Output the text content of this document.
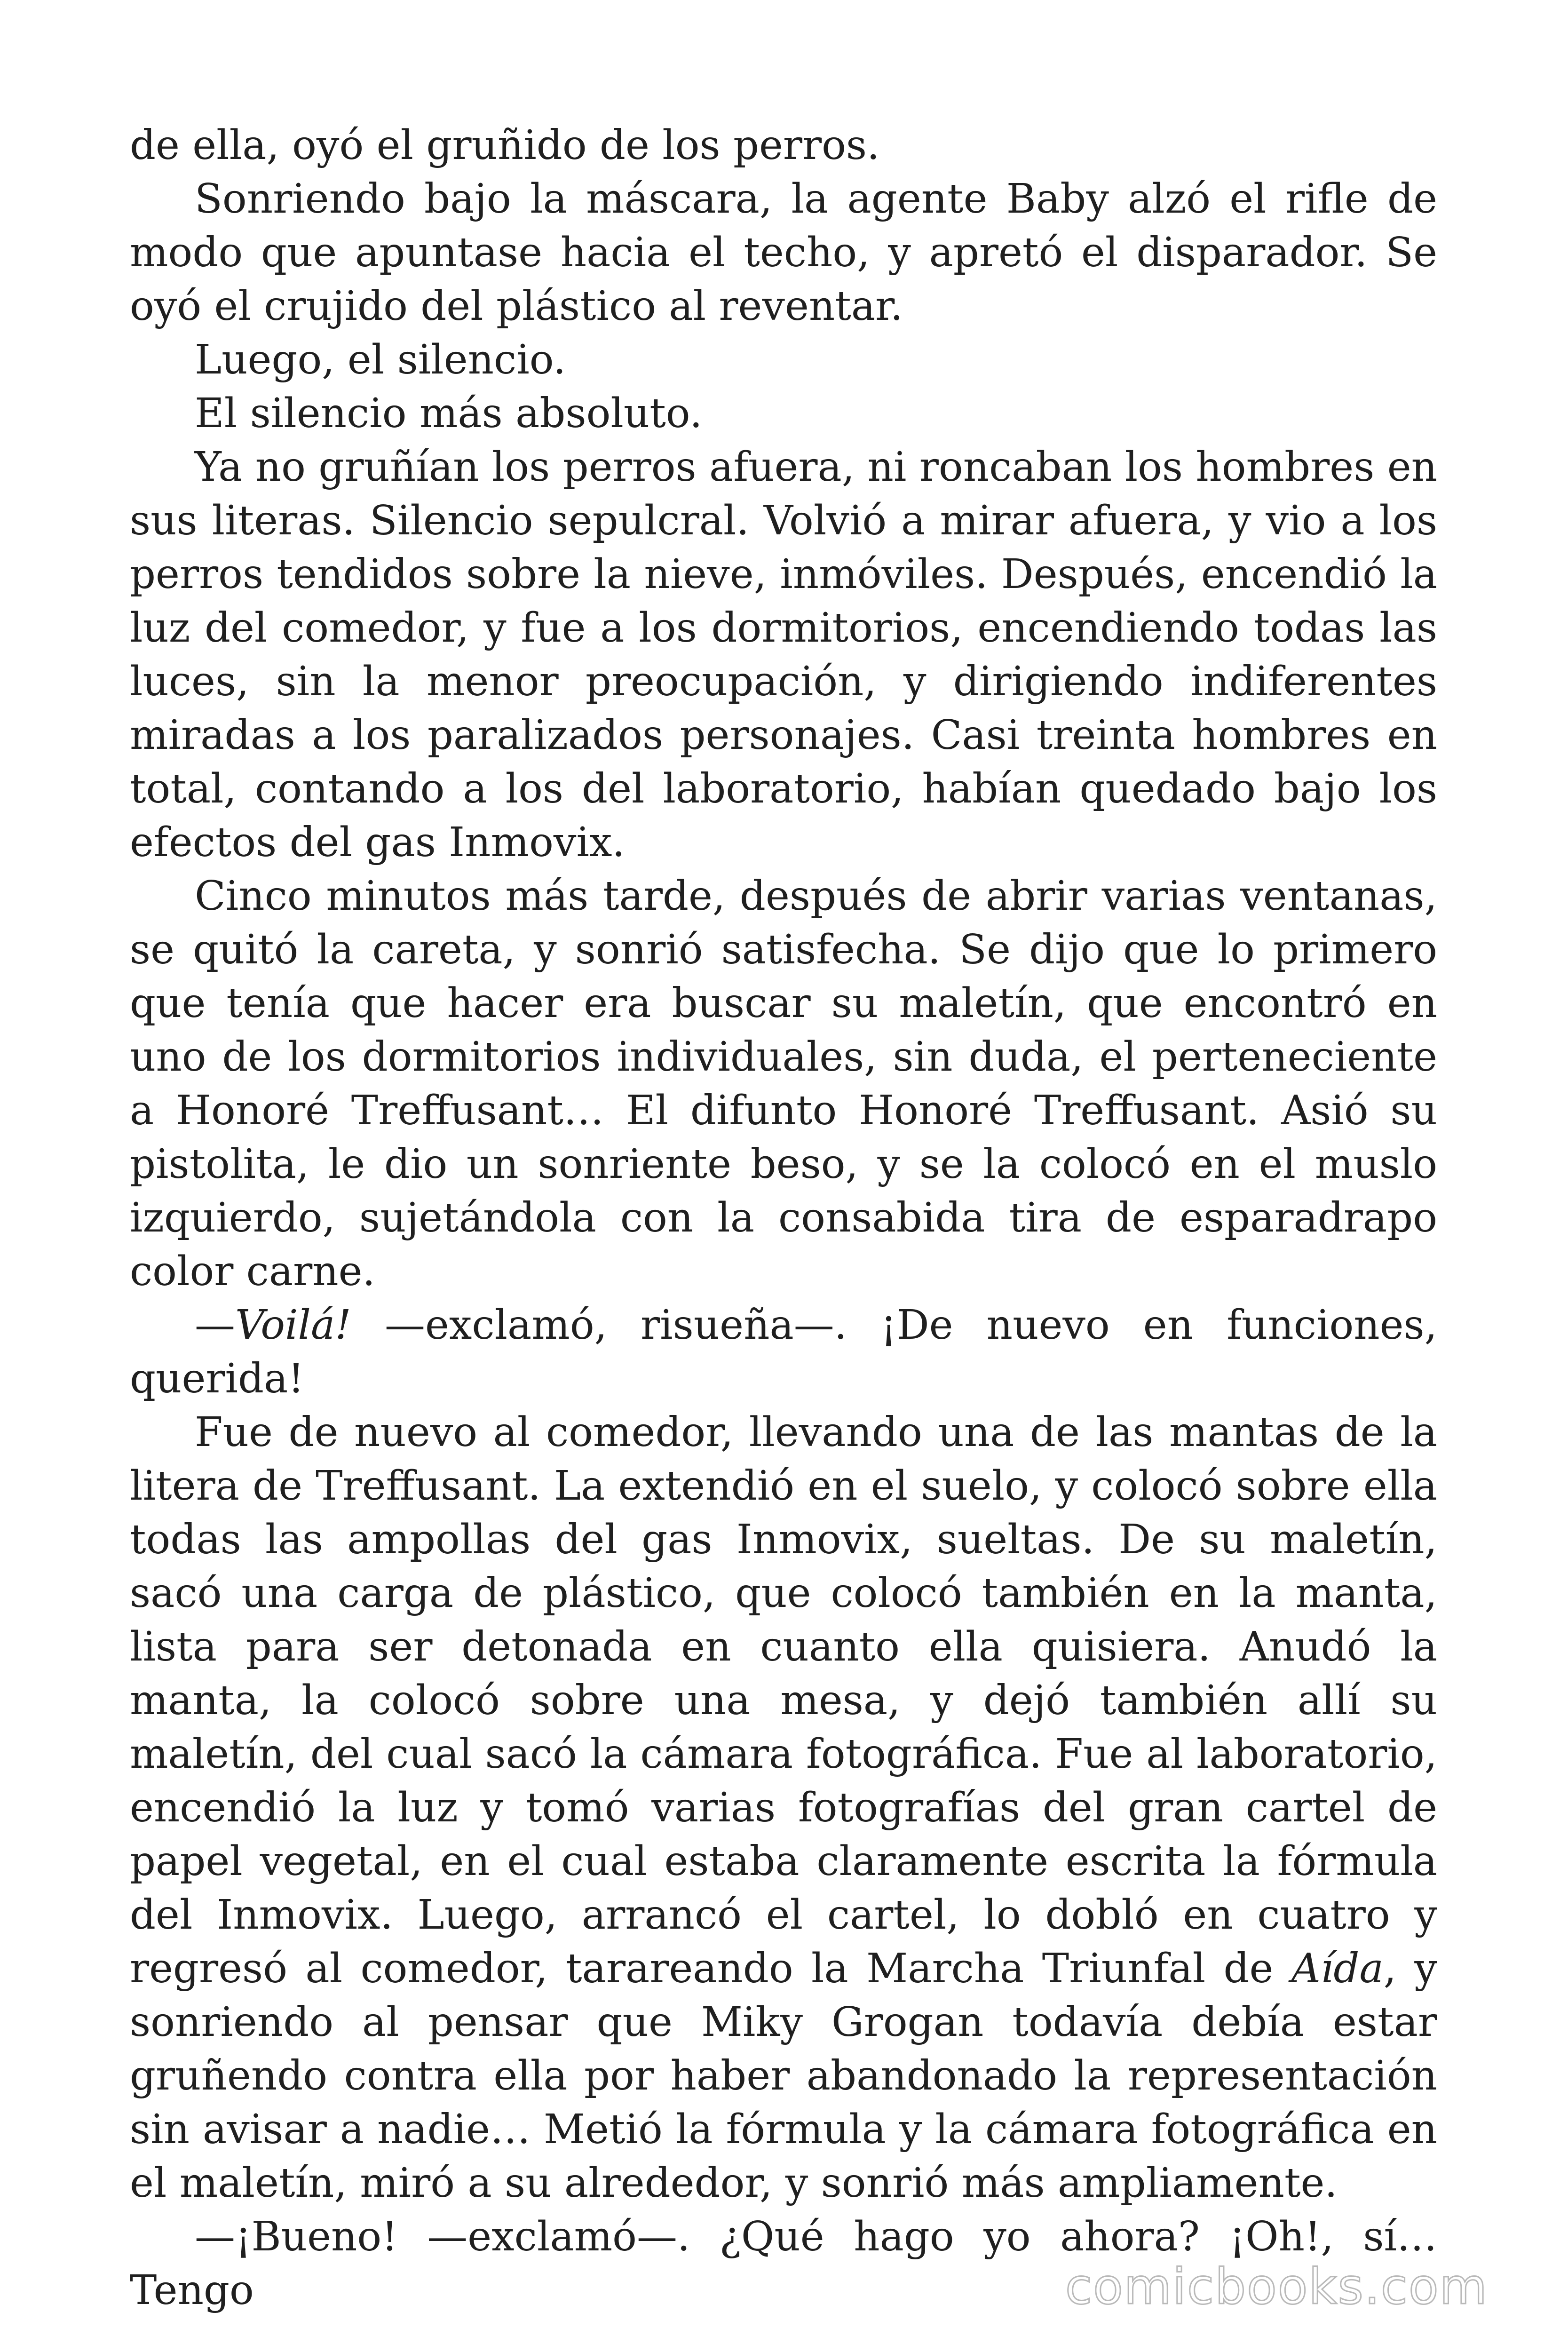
de ella, oyó el gruñido de los perros.

Sonriendo bajo la máscara, la agente Baby alzó el rifle de modo que apuntase hacia el techo, y apretó el disparador. Se oyó el crujido del plástico al reventar.

Luego, el silencio.

El silencio más absoluto.

Ya no gruñían los perros afuera, ni roncaban los hombres en sus literas. Silencio sepulcral. Volvió a mirar afuera, y vio a los perros tendidos sobre la nieve, inmóviles. Después, encendió la luz del comedor, y fue a los dormitorios, encendiendo todas las luces, sin la menor preocupación, y dirigiendo indiferentes miradas a los paralizados personajes. Casi treinta hombres en total, contando a los del laboratorio, habían quedado bajo los efectos del gas Inmovix.

Cinco minutos más tarde, después de abrir varias ventanas, se quitó la careta, y sonrió satisfecha. Se dijo que lo primero que tenía que hacer era buscar su maletín, que encontró en uno de los dormitorios individuales, sin duda, el perteneciente a Honoré Treffusant… El difunto Honoré Treffusant. Asió su pistolita, le dio un sonriente beso, y se la colocó en el muslo izquierdo, sujetándola con la consabida tira de esparadrapo color carne.

—Voilá! —exclamó, risueña—. ¡De nuevo en funciones, querida!

Fue de nuevo al comedor, llevando una de las mantas de la litera de Treffusant. La extendió en el suelo, y colocó sobre ella todas las ampollas del gas Inmovix, sueltas. De su maletín, sacó una carga de plástico, que colocó también en la manta, lista para ser detonada en cuanto ella quisiera. Anudó la manta, la colocó sobre una mesa, y dejó también allí su maletín, del cual sacó la cámara fotográfica. Fue al laboratorio, encendió la luz y tomó varias fotografías del gran cartel de papel vegetal, en el cual estaba claramente escrita la fórmula del Inmovix. Luego, arrancó el cartel, lo dobló en cuatro y regresó al comedor, tarareando la Marcha Triunfal de Aída, y sonriendo al pensar que Miky Grogan todavía debía estar gruñendo contra ella por haber abandonado la representación sin avisar a nadie… Metió la fórmula y la cámara fotográfica en el maletín, miró a su alrededor, y sonrió más ampliamente.

—¡Bueno! —exclamó—. ¿Qué hago yo ahora? ¡Oh!, sí… Tengo	comicbooks.com
